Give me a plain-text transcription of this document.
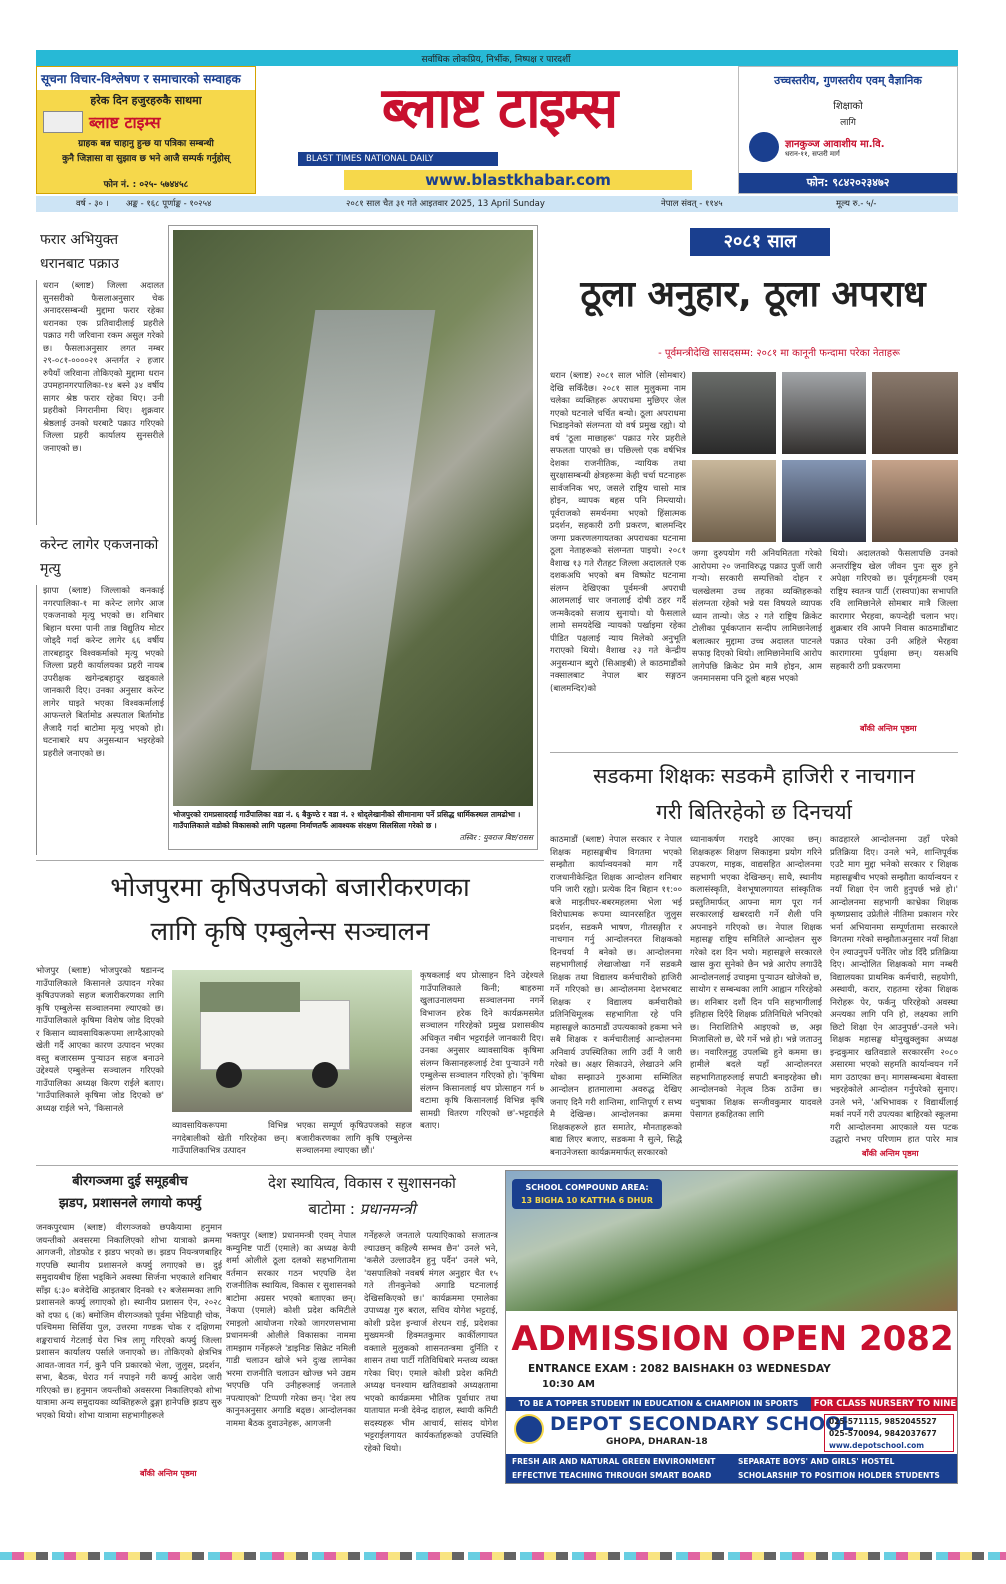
सर्वाधिक लोकप्रिय, निर्भीक, निष्पक्ष र पारदर्शी
सूचना विचार-विश्लेषण र समाचारको सम्वाहक
हरेक दिन हजुरहरुकै साथमा
ब्लाष्ट टाइम्स
ग्राहक बन्न चाहानु हुन्छ या पत्रिका सम्बन्धी
कुनै जिज्ञासा वा सुझाव छ भने आजै सम्पर्क गर्नुहोस्
फोन नं. : ०२५- ५७४४५८
ब्लाष्ट टाइम्स
BLAST TIMES NATIONAL DAILY
www.blastkhabar.com
उच्चस्तरीय, गुणस्तरीय एवम् वैज्ञानिक
शिक्षाको
लागि
ज्ञानकुञ्ज आवाशीय मा.वि.
धरान-११, सप्तरी मार्ग
फोन: ९८४२०२३४७२
वर्ष - ३० । अङ्क - १६८ पूर्णाङ्क - १०२५४	२०८१ साल चैत ३१ गते आइतवार 2025, 13 April Sunday	नेपाल संवत् - ११४५	मूल्य रु.- ५/-
फरार अभियुक्त धरानबाट पक्राउ
धरान (ब्लाष्ट) जिल्ला अदालत सुनसरीको फैसलाअनुसार चेक अनादरसम्बन्धी मुद्दामा फरार रहेका धरानका एक प्रतिवादीलाई प्रहरीले पक्राउ गरी जरिवाना रकम असुल गरेको छ। फैसलाअनुसार लगत नम्बर २९-०८१-००००२१ अन्तर्गत २ हजार रुपैयाँ जरिवाना तोकिएको मुद्दामा धरान उपमहानगरपालिका-१४ बस्ने ३४ वर्षीय सागर श्रेष्ठ फरार रहेका थिए। उनी प्रहरीको निगरानीमा थिए। शुक्रवार श्रेष्ठलाई उनको घरबाटै पक्राउ गरिएको जिल्ला प्रहरी कार्यालय सुनसरीले जनाएको छ।
करेन्ट लागेर एकजनाको मृत्यु
झापा (ब्लाष्ट) जिल्लाको कनकाई नगरपालिका-१ मा करेन्ट लागेर आज एकजनाको मृत्यु भएको छ। शनिबार बिहान घरमा पानी तान्न विद्युतिय मोटर जोड्दै गर्दा करेन्ट लागेर ६६ वर्षीय तारबहादुर विश्वकर्माको मृत्यु भएको जिल्ला प्रहरी कार्यालयका प्रहरी नायब उपरीक्षक खगेन्द्रबहादुर खड्काले जानकारी दिए। उनका अनुसार करेन्ट लागेर घाइते भएका विश्वकर्मालाई आफन्तले बिर्तामोड अस्पताल बिर्तामोड लैजादै गर्दा बाटोमा मृत्यु भएको हो। घटनाबारे थप अनुसन्धान भइरहेको प्रहरीले जनाएको छ।
भोजपुरको रामप्रसादराई गाउँपालिका वडा नं. ६ बैकुण्ठे र वडा नं. २ धोद्लेखानीको सीमानामा पर्ने प्रसिद्ध धार्मिकस्थल तामढोभा । गाउँपालिकाले वडोको विकासको लागि पहलमा निर्माणतर्फै आवश्यक संरक्षण सिलसिला गरेको छ ।
तस्विर : युवराज बिष्ट/रासस
२०८१ साल
ठूला अनुहार, ठूला अपराध
- पूर्वमन्त्रीदेखि सासदसम्म: २०८१ मा कानूनी फन्दामा परेका नेताहरू
धरान (ब्लाष्ट) २०८१ साल भोलि (सोमबार) देखि सकिँदैछ। २०८१ साल मुलुकमा नाम चलेका व्यक्तिहरू अपराधमा मुछिएर जेल गएको घटनाले चर्चित बन्यो। ठूला अपराधमा भिडाइनेको संलग्नता यो वर्ष प्रमुख रह्यो। यो वर्ष 'ठूला माछाहरू' पक्राउ गरेर प्रहरीले सफलता पाएको छ। पछिल्लो एक वर्षभित्र देशका राजनीतिक, न्यायिक तथा सुरक्षासम्बन्धी क्षेत्रहरूमा केही चर्चा घटनाहरू सार्वजनिक भए, जसले राष्ट्रिय चासो मात्र होइन, व्यापक बहस पनि निम्त्यायो। पूर्वराजको समर्थनमा भएको हिंसात्मक प्रदर्शन, सहकारी ठगी प्रकरण, बालमन्दिर जग्गा प्रकरणलगायतका अपराधका घटनामा ठूला नेताहरूको संलग्नता पाइयो। २०८१ वैशाख १३ गते रौतहट जिल्ला अदालतले एक दशकअघि भएको बम विष्फोट घटनामा संलग्न देखिएका पूर्वमन्त्री अपराधी आलमलाई चार जनालाई दोषी ठहर गर्दै जन्मकैदको सजाय सुनायो। यो फैसलाले लामो समयदेखि न्यायको पर्खाइमा रहेका पीडित पक्षलाई न्याय मिलेको अनुभूति गराएको थियो। वैशाख २३ गते केन्द्रीय अनुसन्धान ब्युरो (सिआइबी) ले काठमाडौंको नक्सालबाट नेपाल बार सङ्गठन (बालमन्दिर)को
जग्गा दुरुपयोग गरी अनियमितता गरेको आरोपमा २० जनाविरुद्ध पक्राउ पुर्जी जारी गर्‍यो। सरकारी सम्पत्तिको दोहन र चलखेलमा उच्च तहका व्यक्तिहरूको संलग्नता रहेको भन्ने यस विषयले व्यापक ध्यान तान्यो। जेठ २ गते राष्ट्रिय क्रिकेट टोलीका पूर्वकप्तान सन्दीप लामिछानेलाई बलात्कार मुद्दामा उच्च अदालत पाटनले सफाइ दिएको थियो। लामिछानेमाथि आरोप लागेपछि क्रिकेट प्रेम मात्रै होइन, आम जनमानसमा पनि ठूलो बहस भएको
थियो। अदालतको फैसलापछि उनको अन्तर्राष्ट्रिय खेल जीवन पुनः सुरु हुने अपेक्षा गरिएको छ। पूर्वगृहमन्त्री एवम् राष्ट्रिय स्वतन्त्र पार्टी (रास्वपा)का सभापति रवि लामिछानेले सोमबार मात्रै जिल्ला कारागार भैरहवा, कपन्देही चलान भए। शुक्रबार रवि आफ्नै निवास काठमाडौंबाट पक्राउ परेका उनी अहिले भैरहवा कारागारमा पुर्पक्षमा छन्। यसअघि सहकारी ठगी प्रकरणमा
बाँकी अन्तिम पृष्ठमा
सडकमा शिक्षकः सडकमै हाजिरी र नाचगान
गरी बितिरहेको छ दिनचर्या
काठमाडौं (ब्लाष्ट) नेपाल सरकार र नेपाल शिक्षक महासङ्घबीच विगतमा भएको सम्झौता कार्यान्वयनको माग गर्दै राजधानीकेन्द्रित शिक्षक आन्दोलन शनिबार पनि जारी रह्यो। प्रत्येक दिन बिहान ११:०० बजे माइतीघर-बबरमहलमा भेला भई विरोधात्मक रूपमा व्यानरसहित जुलुस प्रदर्शन, सडकमै भाषण, गीतसङ्गीत र नाचगान गर्नु आन्दोलनरत शिक्षकको दिनचर्या नै बनेको छ। आन्दोलनमा सहभागीलाई लेखाजोखा गर्ने सडकमै शिक्षक तथा विद्यालय कर्मचारीको हाजिरी गर्ने गरिएको छ। आन्दोलनमा देशभरबाट शिक्षक र विद्यालय कर्मचारीको प्रतिनिधिमूलक सहभागिता रहे पनि महासङ्घले काठमाडौं उपत्यकाको हकमा भने सबै शिक्षक र कर्मचारीलाई आन्दोलनमा अनिवार्य उपस्थितिका लागि उर्दी नै जारी गरेको छ। अक्षर सिकाउने, लेखाउने अनि धोका सम्झाउने गुरुआमा सम्मिलित आन्दोलन हातमालामा अवरुद्ध देखिए जनाए दिनै गरी शान्तिमा, शान्तिपूर्ण र सभ्य मै देखिन्छ। आन्दोलनका क्रममा शिक्षकहरूले हात समातेर, मौनताहरूको बाद्य लिएर बजाए, सडकमा नै सुत्ने, सिद्धै बनाउनेजस्ता कार्यक्रममार्फत् सरकारको
ध्यानाकर्षण गराइदै आएका छन्। शिक्षकहरू शिक्षण सिकाइमा प्रयोग गरिने उपकरण, माइक, वाद्यसहित आन्दोलनमा सहभागी भएका देखिन्छन्। साथै, स्थानीय कलासंस्कृति, वेशभूषालगायत सांस्कृतिक प्रस्तुतिमार्फत् आफ्ना माग पूरा गर्न सरकारलाई खबरदारी गर्ने शैली पनि अपनाइने गरिएको छ। नेपाल शिक्षक महासङ्घ राष्ट्रिय समितिले आन्दोलन सुरु गरेको दश दिन भयो। महासङ्घले सरकारले खास कुरा सुनेको छैन भन्ने आरोप लगाउँदै आन्दोलनलाई उचाइमा पुर्‍याउन खोजेको छ, साथोग र सम्बन्धका लागि आह्वान गरिरहेको छ। शनिबार दशौं दिन पनि सहभागीलाई इतिहास दिएँदै शिक्षक प्रतिनिधिले भनिएको छ। निराशितिभै आइएको छ, अझ मिजासिलो छ, धेरै गर्ने भन्ने हो। भन्ने जताउनु छ। नवारिलनुहु उपलब्धि हुने कममा छ। हामीले बदले यहाँ आन्दोलनरत सहभागिताहरुलाई सपाटी बनाइरहेका छौ। आन्दोलनको नेतृत्व ठिक ठाउँमा छ। धनुषाका शिक्षक सन्जीवकुमार यादवले पेसागत हकहितका लागि
काढहारले आन्दोलनमा उहाँ परेको प्रतिक्रिया दिए। उनले भने, शान्तिपूर्वक एउटै माग मुद्दा भनेको सरकार र शिक्षक महासङ्घबीच भएको सम्झौता कार्यान्वयन र नयाँ शिक्षा ऐन जारी हुनुपर्छ भन्ने हो।' आन्दोलनमा सहभागी काभ्रेका शिक्षक कृष्णप्रसाद उप्रेतीले नीतिमा प्रकाशन गरेर भर्ना अभियानमा सम्पूर्णतामा सरकारले विगतमा गरेको सम्झौताअनुसार नयाँ शिक्षा ऐन ल्याउनुपर्ने पर्नेतिर जोड दिँदै प्रतिक्रिया दिए। आन्दोलित शिक्षकको माग नम्बरी विद्यालयका प्राथमिक कर्मचारी, सहयोगी, अस्थायी, करार, राहतमा रहेका शिक्षक निरोहरू पेर, फर्कनु परिरहेको अवस्था अन्त्यका लागि पनि हो, लक्ष्यका लागि छिटो शिक्षा ऐन आउनुपर्छ'-उनले भने। शिक्षक महासङ्घ थोनुखुक्लुका अध्यक्ष इन्द्रकुमार खतिवडाले सरकारसँग २०८० असारमा भएको सहमति कार्यान्वयन गर्ने माग उठाएका छन्। मागसम्बन्धमा बेवास्ता भइरहेकोले आन्दोलन गर्नुपरेको सुनाए। उनले भने, 'अभिभावक र विद्यार्थीलाई मर्का नपर्ने गरी उपत्यका बाहिरको स्कूलमा गरी आन्दोलनमा आएकाले यस पटक उद्धारो नभए परिणाम हात पारेर मात्र
बाँकी अन्तिम पृष्ठमा
भोजपुरमा कृषिउपजको बजारीकरणका
लागि कृषि एम्बुलेन्स सञ्चालन
भोजपुर (ब्लाष्ट) भोजपुरको षडानन्द गाउँपालिकाले किसानले उत्पादन गरेका कृषिउपजको सहज बजारीकरणका लागि कृषि एम्बुलेन्स सञ्चालनमा ल्याएको छ। गाउँपालिकाले कृषिमा विशेष जोड दिएको र किसान व्यावसायिकरूपमा लाग्दैआएको खेती गर्दै आएका कारण उत्पादन भएका वस्तु बजारसम्म पुर्‍याउन सहज बनाउने उद्देश्यले एम्बुलेन्स सञ्चालन गरिएको गाउँपालिका अध्यक्ष किरण राईले बताए। 'गाउँपालिकाले कृषिमा जोड दिएको छ' अध्यक्ष राईले भने, 'किसानले
व्यावसायिकरूपमा विभिन्न नगदेबालीको खेती गरिरहेका छन्। गाउँपालिकाभित्र उत्पादन
भएका सम्पूर्ण कृषिउपजको सहज बजारीकरणका लागि कृषि एम्बुलेन्स सञ्चालनमा ल्याएका छौं।'
कृषकलाई थप प्रोत्साहन दिने उद्देश्यले गाउँपालिकाले किनी; बाहरुमा खुलाउनालयमा सञ्चालनमा नगर्ने विभाजन हरेक दिने कार्यक्रमसमेत सञ्चालन गरिरहेको प्रमुख प्रशासकीय अधिकृत नबीन भट्टराईले जानकारी दिए। उनका अनुसार व्यावसायिक कृषिमा संलग्न किसानहरूलाई टेवा पुर्‍याउने गरी एम्बुलेन्स सञ्चालन गरिएको हो। 'कृषिमा संलग्न किसानलाई थप प्रोत्साहन गर्न ७ वटामा कृषि किसानलाई विभिन्न कृषि सामग्री वितरण गरिएको छ'-भट्टराईले बताए।
बीरगञ्जमा दुई समूहबीच
झडप, प्रशासनले लगायो कर्फ्यु
जनकपुरधाम (ब्लाष्ट) वीरगञ्जको छपकैयामा हनुमान जयन्तीको अवसरमा निकालिएको शोभा यात्राको क्रममा आगजनी, तोडफोड र झडप भएको छ। झडप नियन्त्रणबाहिर गएपछि स्थानीय प्रशासनले कर्फ्यु लगाएको छ। दुई समुदायबीच हिंसा भड्किने अवस्था सिर्जना भएकाले शनिबार साँझ ६:३० बजेदेखि आइतबार दिनको १२ बजेसम्मका लागि प्रशासनले कर्फ्यु लगाएको हो। स्थानीय प्रशासन ऐन, २०२८ को दफा ६ (क) बमोजिम वीरगञ्जको पूर्वमा भेडियाही चोक, पश्चिममा सिर्सिया पुल, उत्तरमा गण्डक चोक र दक्षिणमा शङ्कराचार्य गेटलाई घेरा भित्र लागू गरिएको कर्फ्यु जिल्ला प्रशासन कार्यालय पर्साले जनाएको छ। तोकिएको क्षेत्रभित्र आवत-जावत गर्न, कुनै पनि प्रकारको भेला, जुलुस, प्रदर्शन, सभा, बैठक, घेराउ गर्न नपाइने गरी कर्फ्यु आदेश जारी गरिएको छ। हनुमान जयन्तीको अवसरमा निकालिएको शोभा यात्रामा अन्य समुदायका व्यक्तिहरूले ढुङ्गा हानेपछि झडप सुरु भएको थियो। शोभा यात्रामा सहभागीहरूले
बाँकी अन्तिम पृष्ठमा
देश स्थायित्व, विकास र सुशासनको
बाटोमा : प्रधानमन्त्री
भक्तपुर (ब्लाष्ट) प्रधानमन्त्री एवम् नेपाल कम्युनिष्ट पार्टी (एमाले) का अध्यक्ष केपी शर्मा ओलीले ठूला दलको सहभागितामा वर्तमान सरकार गठन भएपछि देश राजनीतिक स्थायित्व, विकास र सुशासनको बाटोमा अग्रसर भएको बताएका छन्। नेकपा (एमाले) कोशी प्रदेश कमिटीले रमाइलो आयोजना गरेको जागरणसभामा प्रधानमन्त्री ओलीले विकासका नाममा तामझाम गर्नेहरूले 'डाइनिङ सिक्रेट नमिली गाडी चलाउन खोजे भने दुःख लाग्नेका भरमा राजनीति चलाउन खोज्छ भने उद्यम भएपछि पनि उनीहरूलाई जनताले नपत्याएको' टिप्पणी गरेका छन्। 'देश लय कानुनअनुसार अगाडि बढ्छ। आन्दोलनका नाममा बैठक दुवाउनेहरू, आगजनी
गर्नेहरूले जनताले पत्याएिकाको सजातन्त्र ल्याउछन् कहिल्यै सम्भव छैन' उनले भने, 'कसैले उल्लाउदैन हुनु पर्दैन' उनले भने, 'यसपालिको नवबर्ष मंगल अनुहार चैत १५ गते तीनकुनेको अगाडि घटनालाई देखिसकिएको छ।' कार्यक्रममा एमालेका उपाध्यक्ष गुरु बराल, सचिव योगेश भट्टराई, कोशी प्रदेश इन्चार्ज शेरधन राई, प्रदेशका मुख्यमन्त्री हिक्मतकुमार कार्कीलगायत वक्ताले मुलुकको शासनतन्त्रमा दुर्निति र शासन तथा पार्टी गतिविधिबारे मन्तव्य व्यक्त गरेका थिए। एमाले कोशी प्रदेश कमिटी अध्यक्ष घनश्याम खतिवडाको अध्यक्षतामा भएको कार्यक्रममा भौतिक पूर्वाधार तथा यातायात मन्त्री देवेन्द्र दाहाल, स्थायी कमिटी सदस्यहरू भीम आचार्य, सांसद योगेश भट्टराईलगायत कार्यकर्ताहरूको उपस्थिति रहेको थियो।
SCHOOL COMPOUND AREA:
13 BIGHA 10 KATTHA 6 DHUR
ADMISSION OPEN 2082
ENTRANCE EXAM : 2082 BAISHAKH 03 WEDNESDAY
10:30 AM
TO BE A TOPPER STUDENT IN EDUCATION & CHAMPION IN SPORTS	FOR CLASS NURSERY TO NINE
DEPOT SECONDARY SCHOOL
GHOPA, DHARAN-18
025-571115, 9852045527
025-570094, 9842037677
www.depotschool.com
FRESH AIR AND NATURAL GREEN ENVIRONMENT
EFFECTIVE TEACHING THROUGH SMART BOARD
SEPARATE BOYS' AND GIRLS' HOSTEL
SCHOLARSHIP TO POSITION HOLDER STUDENTS
